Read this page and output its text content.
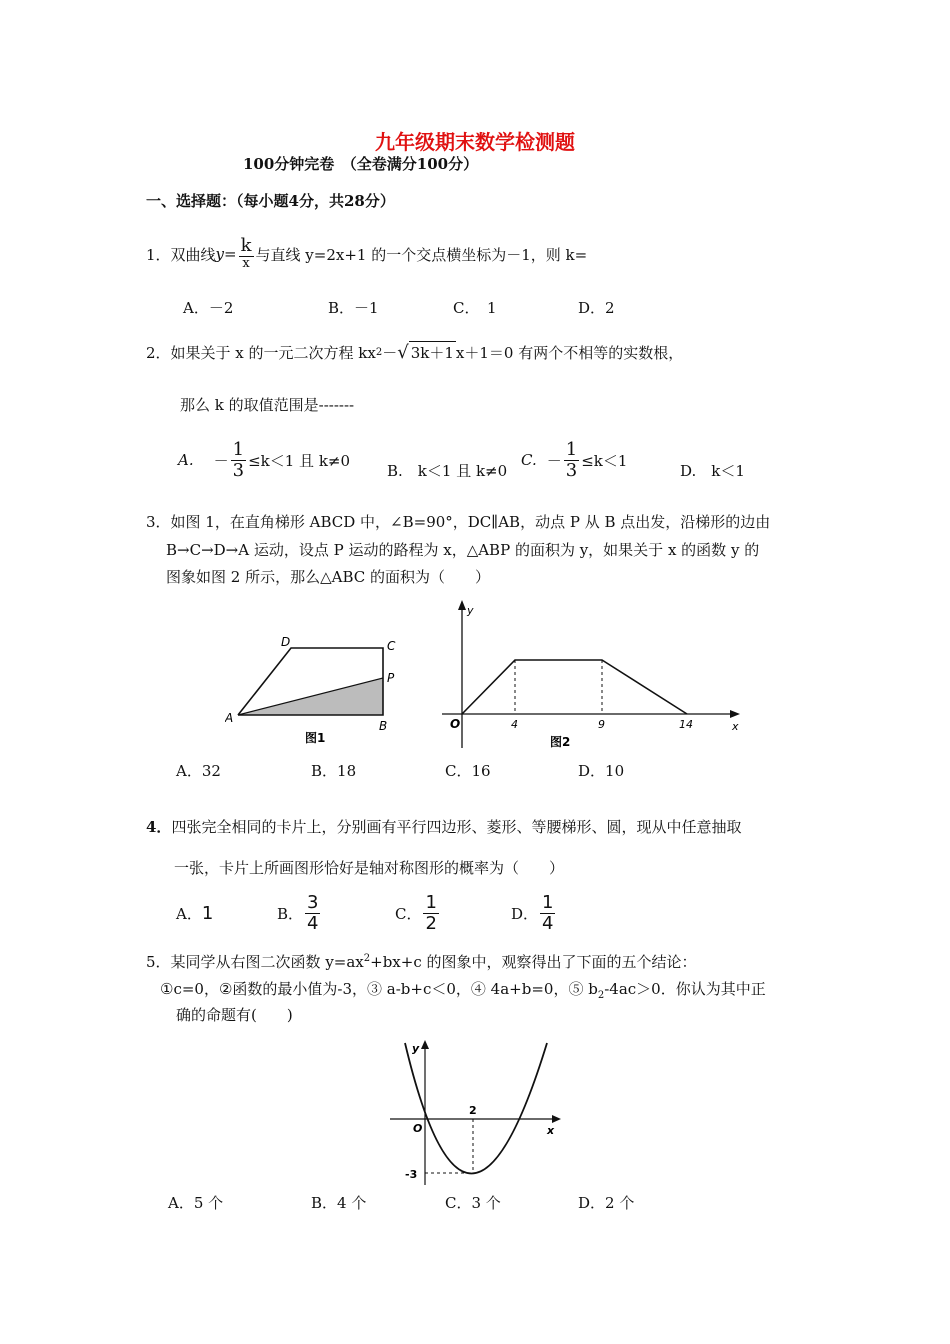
九年级期末数学检测题
100分钟完卷　（全卷满分100分）
一、选择题：（每小题4分，共28分）
1．双曲线 $y= \frac{k}{x}$ 与直线 y=2x+1 的一个交点横坐标为－1，则 k=
A．－2	B．－1	C．　1	D．2
2．如果关于 x 的一元二次方程 kx 2 － √ 3k＋1 x＋1＝0 有两个不相等的实数根，
那么 k 的取值范围是-------
A. － $\frac{1}{3} \le k<1$ 且 k≠0
B.　k＜1 且 k≠0
C. － $\frac{1}{3} \le k<1$
D.　k＜1
3．如图 1，在直角梯形 ABCD 中，∠B=90°，DC∥AB，动点 P 从 B 点出发，沿梯形的边由
B→C→D→A 运动，设点 P 运动的路程为 x，△ABP 的面积为 y，如果关于 x 的函数 y 的
图象如图 2 所示，那么△ABC 的面积为（　　）
D	C
P
A
B
图1
y
x
O	4	9	14
图2
A．32	B．18	C．16	D．10
4．四张完全相同的卡片上，分别画有平行四边形、菱形、等腰梯形、圆，现从中任意抽取
一张，卡片上所画图形恰好是轴对称图形的概率为（　　）
A． 1	B． $\frac{3}{4}$	C． $\frac{1}{2}$	D． $\frac{1}{4}$
5．某同学从右图二次函数 $y=ax^2+bx+c$ 的图象中，观察得出了下面的五个结论：
①c=0，②函数的最小值为-3，③ a-b+c＜0，④ 4a+b=0，⑤ $b_2-4ac>0$．你认为其中正
确的命题有(　　)
y
x
O
2
-3
A．5 个	B．4 个	C．3 个	D．2 个
